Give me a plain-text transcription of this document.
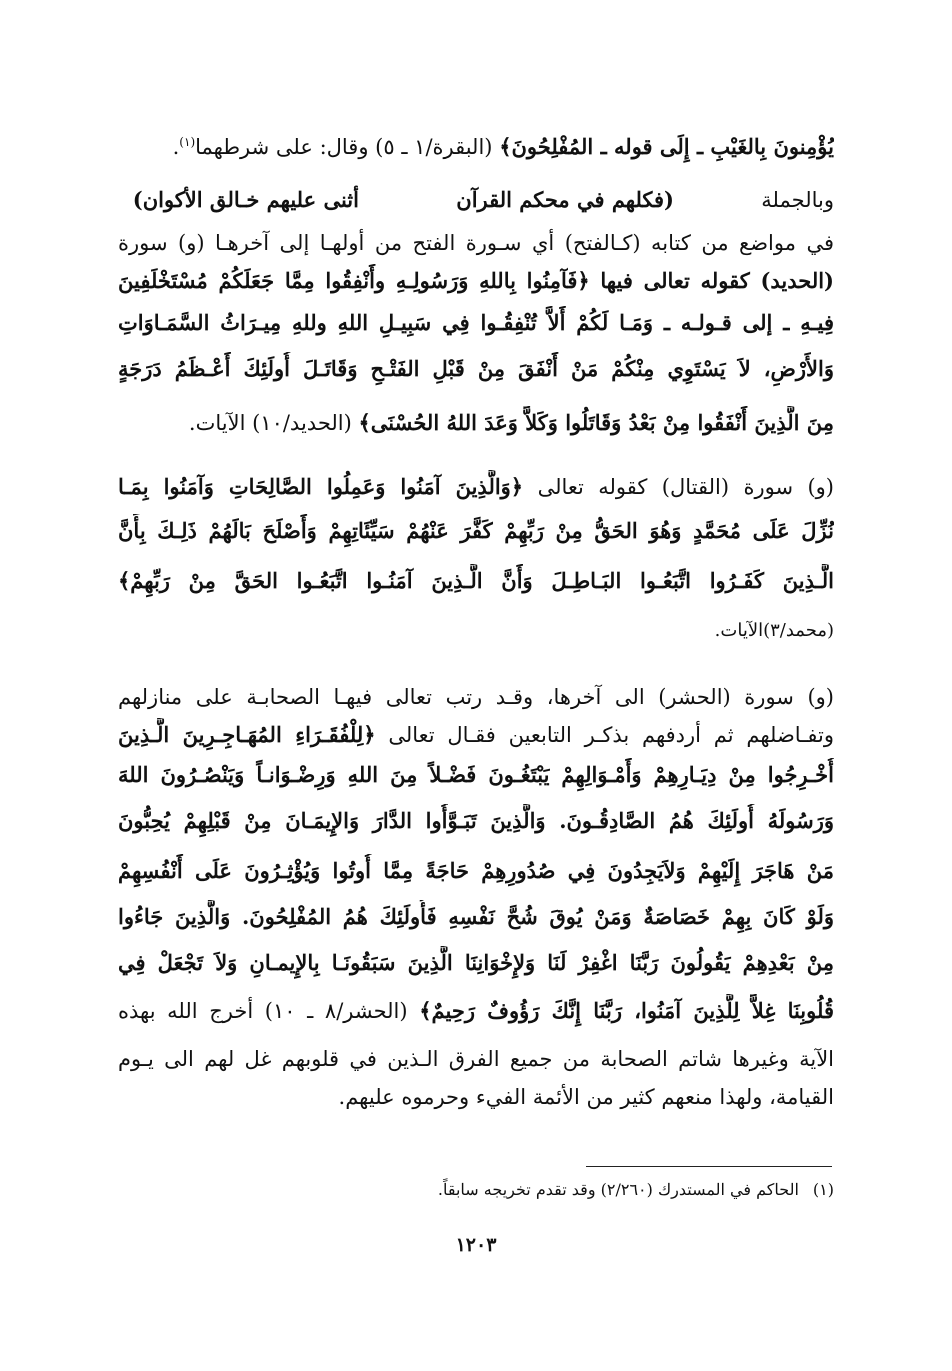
يُؤْمِنونَ بِالغَيْبِ ـ إِلَى قوله ـ المُفْلِحُونَ﴾ (البقرة/١ ـ ٥) وقال: على شرطهما$^{(١)}$.
وبالجملة
(فكلهم في محكم القرآن
أثنى عليهم خـالق الأكوان)
في مواضع من كتابه (كـالفتح) أي سـورة الفتح من أولهـا إلى آخرهـا (و) سورة
(الحديد) كقوله تعالى فيها ﴿فَآمِنُوا بِاللهِ وَرَسُولِـهِ وأَنْفِقُوا مِمَّا جَعَلَكُمْ مُسْتَخْلَفِينَ
فِيـهِ ـ إلى قـولـه ـ وَمَـا لَكُمْ أَلاَّ تُنْفِقُـوا فِي سَبِيـلِ اللهِ وللهِ مِيـرَاثُ السَّمَـاوَاتِ
وَالأَرْضِ، لاَ يَسْتَوِي مِنْكُمْ مَنْ أَنْفَقَ مِنْ قَبْلِ الفَتْـحِ وَقَاتَـلَ أُولَئِكَ أَعْـظَمُ دَرَجَةٍ
مِنَ الَّذِينَ أَنْفَقُوا مِنْ بَعْدُ وَقَاتَلُوا وَكَلاًّ وَعَدَ اللهُ الحُسْنَى﴾ (الحديد/١٠) الآيات.
(و) سورة (القتال) كقوله تعالى ﴿وَالَّذِينَ آمَنُوا وَعَمِلُوا الصَّالِحَاتِ وَآمَنُوا بِمَـا
نُزِّلَ عَلَى مُحَمَّدٍ وَهُوَ الحَقُّ مِنْ رَبِّهِمْ كَفَّرَ عَنْهُمْ سَيِّئَاتِهِمْ وَأَصْلَحَ بَالَهُمْ ذَلِـكَ بِأَنَّ
الَّـذِينَ كَفَـرُوا اتَّبَعُـوا البَـاطِـلَ وَأَنَّ الَّـذِينَ آمَنُـوا اتَّبَعُـوا الحَقَّ مِنْ رَبِّهِمْ﴾
(محمد/٣)الآيات.
(و) سورة (الحشر) الى آخرها، وقـد رتب تعالى فيهـا الصحابـة على منازلهم
وتفـاضلهم ثم أردفهم بذكـر التابعين فقـال تعالى ﴿لِلْفُقَـرَاءِ المُهَـاجِـرِينَ الَّـذِينَ
أُخْـرِجُوا مِنْ دِيَـارِهِمْ وَأَمْـوَالِهِمْ يَبْتَغُـونَ فَضْـلاً مِنَ اللهِ وَرِضْـوَانـاً وَيَنْصُـرُونَ اللهَ
وَرَسُولَهُ أُولَئِكَ هُمُ الصَّادِقُـونَ. وَالَّذِينَ تَبَـوَّأُوا الدَّارَ وَالإِيمَـانَ مِنْ قَبْلِهِمْ يُحِبُّونَ
مَنْ هَاجَرَ إِلَيْهِمْ وَلاَيَجِدُونَ فِي صُدُورِهِمْ حَاجَةً مِمَّا أُوتُوا وَيُؤْثِـرُونَ عَلَى أَنْفُسِهِمْ
وَلَوْ كَانَ بِهِمْ خَصَاصَةٌ وَمَنْ يُوقَ شُحَّ نَفْسِهِ فَأُولَئِكَ هُمُ المُفْلِحُونَ. وَالَّذِينَ جَاءُوا
مِنْ بَعْدِهِمْ يَقُولُونَ رَبَّنَا اغْفِرْ لَنَا وَلإِخْوَانِنَا الَّذِينَ سَبَقُونَـا بِالإِيمـانِ وَلاَ تَجْعَلْ فِي
قُلُوبِنَا غِلاًّ لِلَّذِينَ آمَنُوا، رَبَّنَا إِنَّكَ رَؤُوفٌ رَحِيمٌ﴾ (الحشر/٨ ـ ١٠) أخرج الله بهذه
الآية وغيرها شاتم الصحابة من جميع الفرق الـذين في قلوبهم غل لهم الى يـوم
القيامة، ولهذا منعهم كثير من الأئمة الفيء وحرموه عليهم.
(١)الحاكم في المستدرك (٢/٢٦٠) وقد تقدم تخريجه سابقاً.
١٢٠٣
